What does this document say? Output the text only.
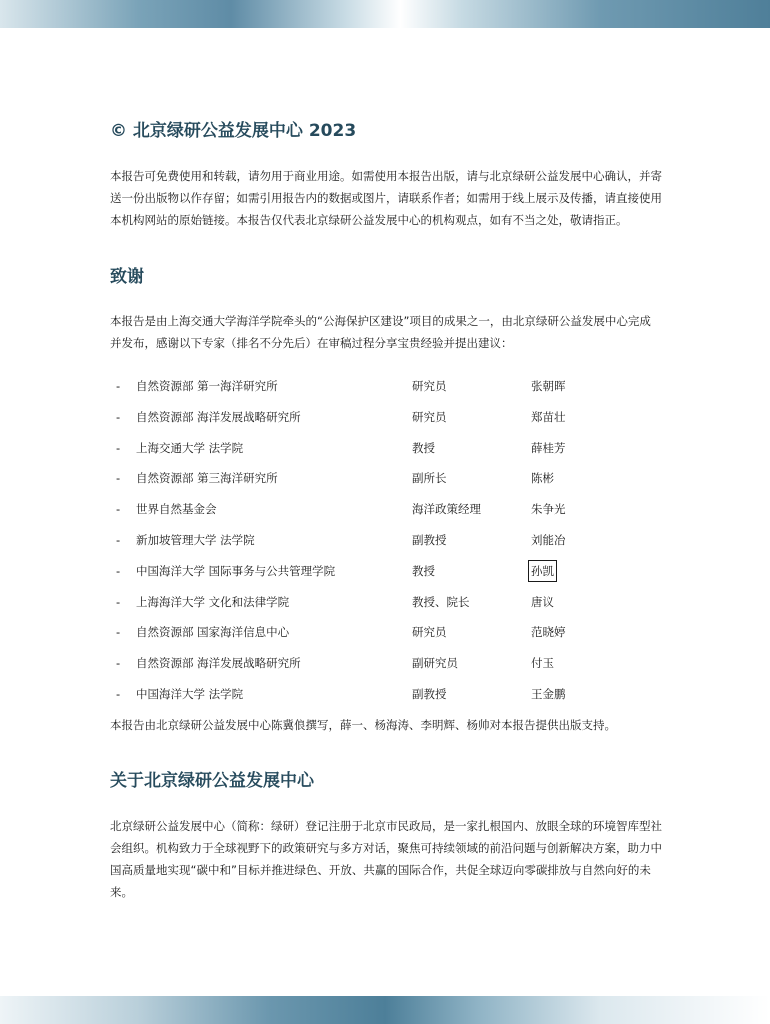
© 北京绿研公益发展中心 2023

本报告可免费使用和转载，请勿用于商业用途。如需使用本报告出版，请与北京绿研公益发展中心确认，并寄送一份出版物以作存留；如需引用报告内的数据或图片，请联系作者；如需用于线上展示及传播，请直接使用本机构网站的原始链接。本报告仅代表北京绿研公益发展中心的机构观点，如有不当之处，敬请指正。

致谢

本报告是由上海交通大学海洋学院牵头的“公海保护区建设”项目的成果之一，由北京绿研公益发展中心完成并发布，感谢以下专家（排名不分先后）在审稿过程分享宝贵经验并提出建议：

- 自然资源部 第一海洋研究所	研究员	张朝晖
- 自然资源部 海洋发展战略研究所	研究员	郑苗壮
- 上海交通大学 法学院	教授	薛桂芳
- 自然资源部 第三海洋研究所	副所长	陈彬
- 世界自然基金会	海洋政策经理	朱争光
- 新加坡管理大学 法学院	副教授	刘能冶
- 中国海洋大学 国际事务与公共管理学院	教授	孙凯
- 上海海洋大学 文化和法律学院	教授、院长	唐议
- 自然资源部 国家海洋信息中心	研究员	范晓婷
- 自然资源部 海洋发展战略研究所	副研究员	付玉
- 中国海洋大学 法学院	副教授	王金鹏

本报告由北京绿研公益发展中心陈冀俍撰写，薛一、杨海涛、李明辉、杨帅对本报告提供出版支持。

关于北京绿研公益发展中心

北京绿研公益发展中心（简称：绿研）登记注册于北京市民政局，是一家扎根国内、放眼全球的环境智库型社会组织。机构致力于全球视野下的政策研究与多方对话，聚焦可持续领域的前沿问题与创新解决方案，助力中国高质量地实现“碳中和”目标并推进绿色、开放、共赢的国际合作，共促全球迈向零碳排放与自然向好的未来。
